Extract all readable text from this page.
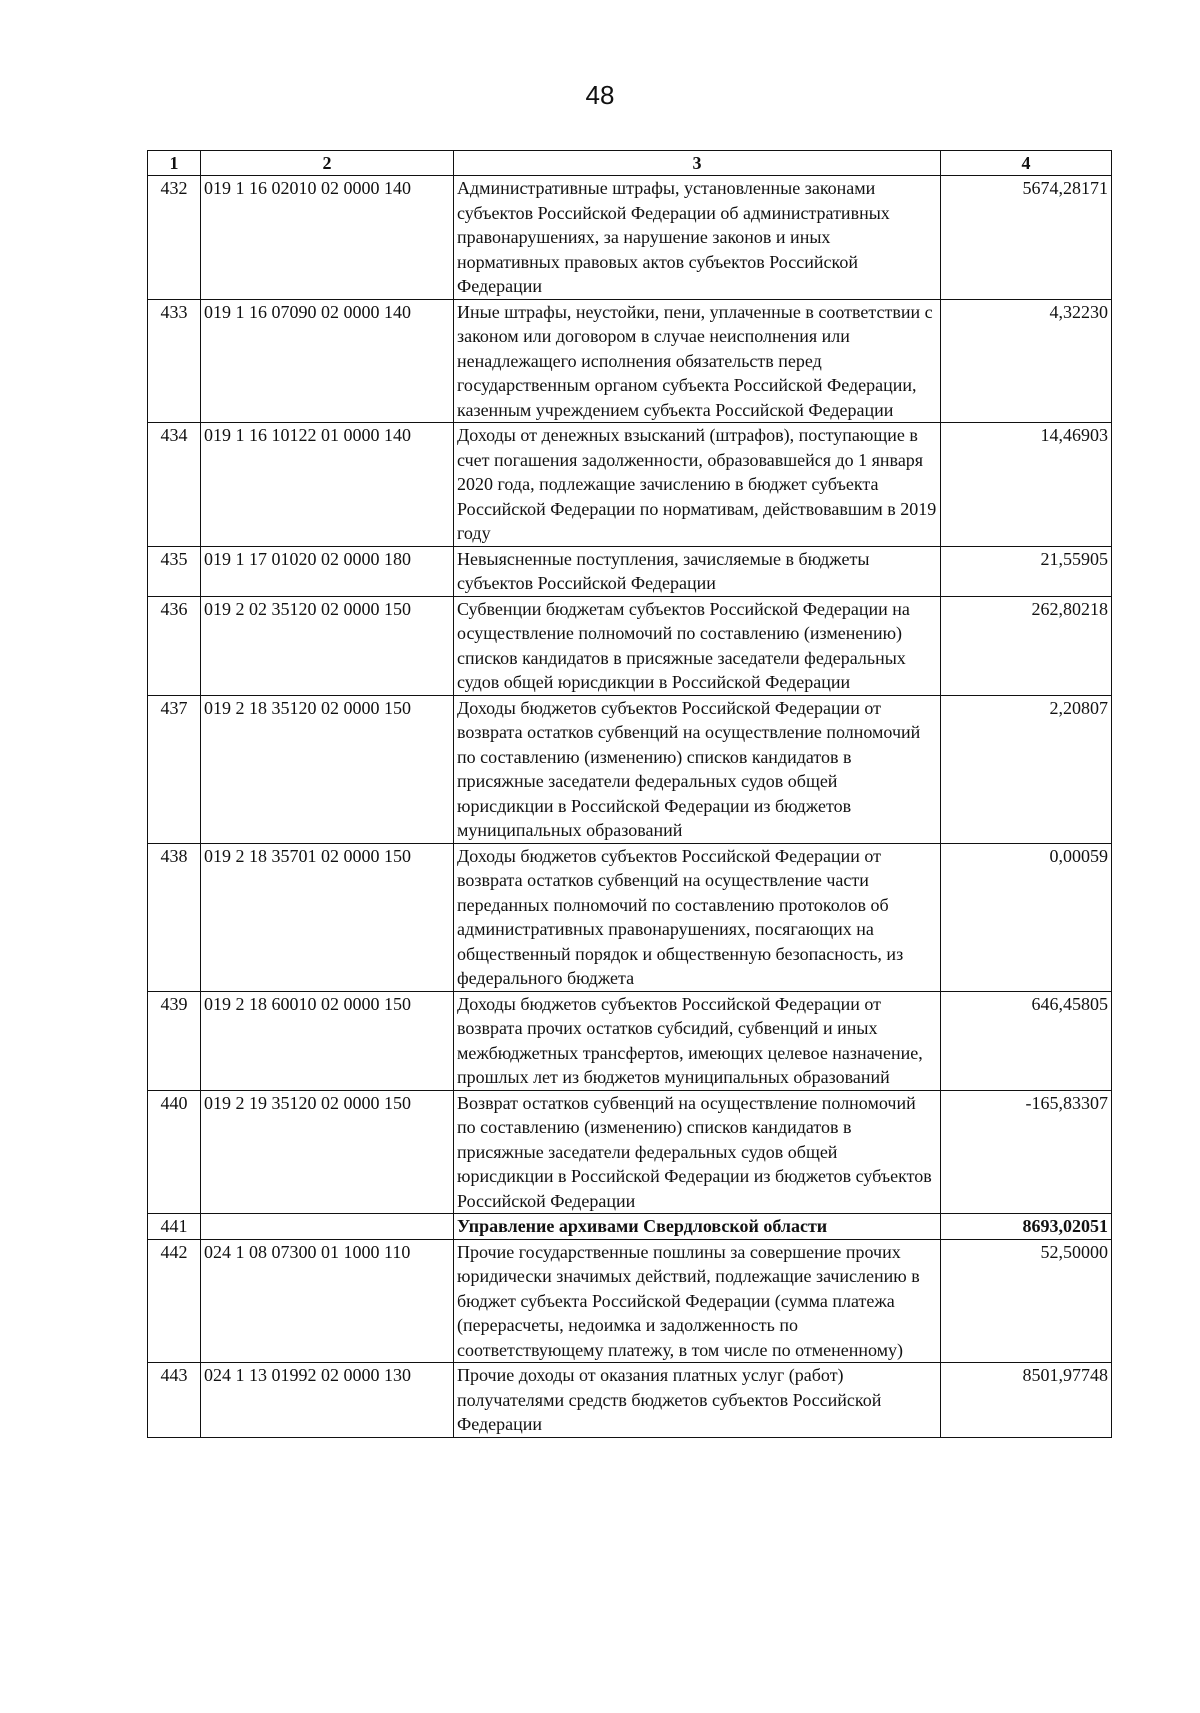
48
1	2	3	4
432	019 1 16 02010 02 0000 140	Административные штрафы, установленные законами субъектов Российской Федерации об административных правонарушениях, за нарушение законов и иных нормативных правовых актов субъектов Российской Федерации	5674,28171
433	019 1 16 07090 02 0000 140	Иные штрафы, неустойки, пени, уплаченные в соответствии с законом или договором в случае неисполнения или ненадлежащего исполнения обязательств перед государственным органом субъекта Российской Федерации, казенным учреждением субъекта Российской Федерации	4,32230
434	019 1 16 10122 01 0000 140	Доходы от денежных взысканий (штрафов), поступающие в счет погашения задолженности, образовавшейся до 1 января 2020 года, подлежащие зачислению в бюджет субъекта Российской Федерации по нормативам, действовавшим в 2019 году	14,46903
435	019 1 17 01020 02 0000 180	Невыясненные поступления, зачисляемые в бюджеты субъектов Российской Федерации	21,55905
436	019 2 02 35120 02 0000 150	Субвенции бюджетам субъектов Российской Федерации на осуществление полномочий по составлению (изменению) списков кандидатов в присяжные заседатели федеральных судов общей юрисдикции в Российской Федерации	262,80218
437	019 2 18 35120 02 0000 150	Доходы бюджетов субъектов Российской Федерации от возврата остатков субвенций на осуществление полномочий по составлению (изменению) списков кандидатов в присяжные заседатели федеральных судов общей юрисдикции в Российской Федерации из бюджетов муниципальных образований	2,20807
438	019 2 18 35701 02 0000 150	Доходы бюджетов субъектов Российской Федерации от возврата остатков субвенций на осуществление части переданных полномочий по составлению протоколов об административных правонарушениях, посягающих на общественный порядок и общественную безопасность, из федерального бюджета	0,00059
439	019 2 18 60010 02 0000 150	Доходы бюджетов субъектов Российской Федерации от возврата прочих остатков субсидий, субвенций и иных межбюджетных трансфертов, имеющих целевое назначение, прошлых лет из бюджетов муниципальных образований	646,45805
440	019 2 19 35120 02 0000 150	Возврат остатков субвенций на осуществление полномочий по составлению (изменению) списков кандидатов в присяжные заседатели федеральных судов общей юрисдикции в Российской Федерации из бюджетов субъектов Российской Федерации	-165,83307
441		Управление архивами Свердловской области	8693,02051
442	024 1 08 07300 01 1000 110	Прочие государственные пошлины за совершение прочих юридически значимых действий, подлежащие зачислению в бюджет субъекта Российской Федерации (сумма платежа (перерасчеты, недоимка и задолженность по соответствующему платежу, в том числе по отмененному)	52,50000
443	024 1 13 01992 02 0000 130	Прочие доходы от оказания платных услуг (работ) получателями средств бюджетов субъектов Российской Федерации	8501,97748
